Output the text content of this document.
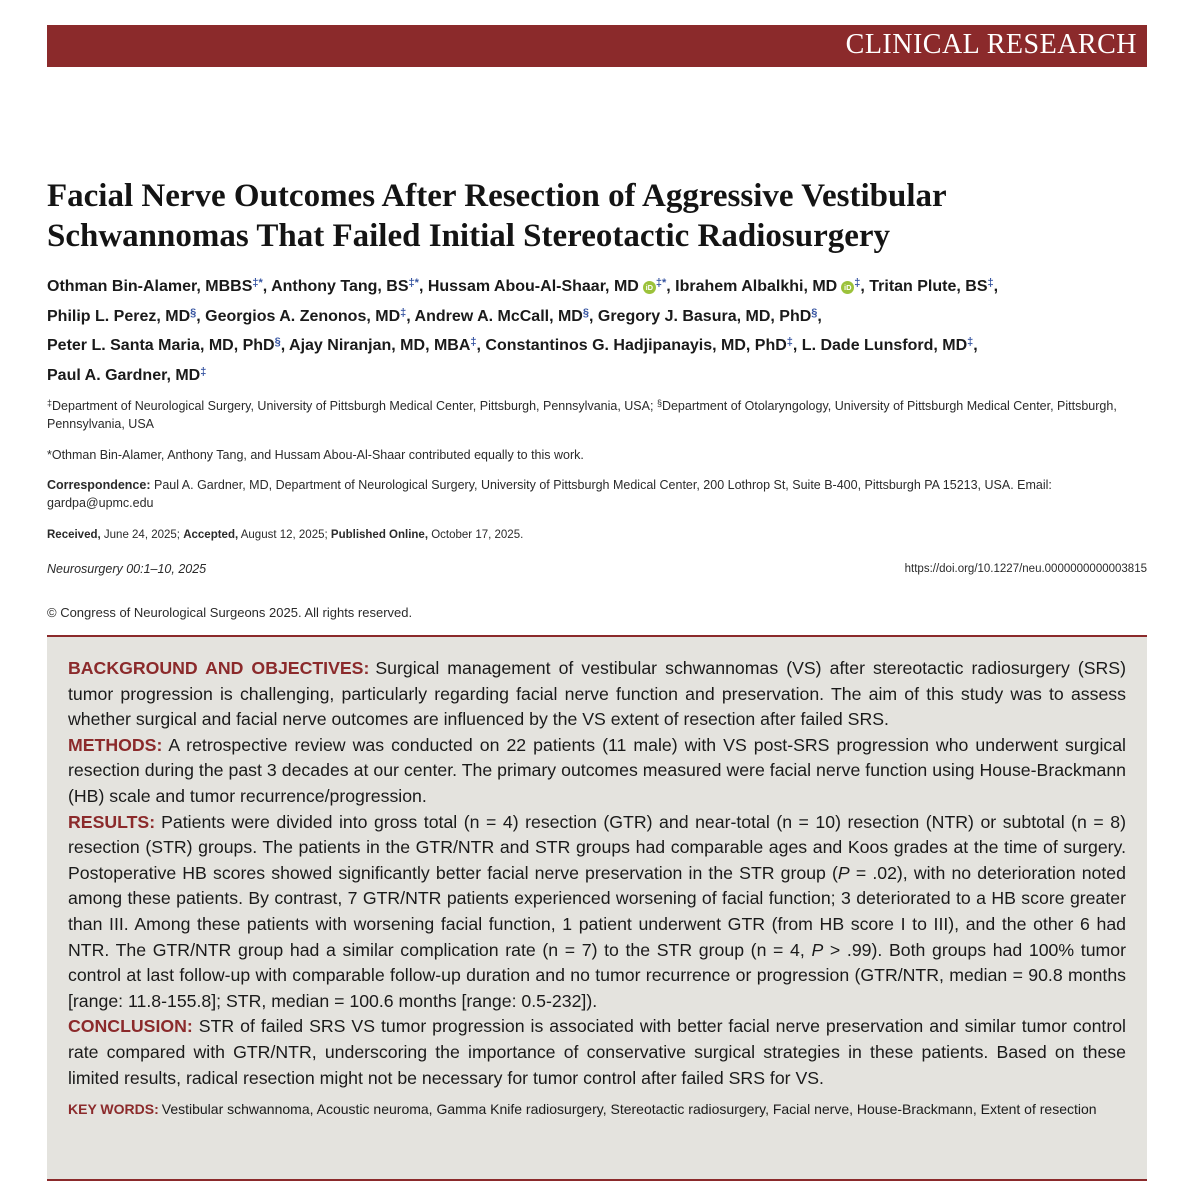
CLINICAL RESEARCH
Facial Nerve Outcomes After Resection of Aggressive Vestibular Schwannomas That Failed Initial Stereotactic Radiosurgery

Othman Bin-Alamer, MBBS‡*, Anthony Tang, BS‡*, Hussam Abou-Al-Shaar, MD iD ‡*, Ibrahem Albalkhi, MD iD ‡, Tritan Plute, BS‡,
Philip L. Perez, MD§, Georgios A. Zenonos, MD‡, Andrew A. McCall, MD§, Gregory J. Basura, MD, PhD§,
Peter L. Santa Maria, MD, PhD§, Ajay Niranjan, MD, MBA‡, Constantinos G. Hadjipanayis, MD, PhD‡, L. Dade Lunsford, MD‡,
Paul A. Gardner, MD‡

‡Department of Neurological Surgery, University of Pittsburgh Medical Center, Pittsburgh, Pennsylvania, USA; §Department of Otolaryngology, University of Pittsburgh Medical Center, Pittsburgh, Pennsylvania, USA

*Othman Bin-Alamer, Anthony Tang, and Hussam Abou-Al-Shaar contributed equally to this work.

Correspondence: Paul A. Gardner, MD, Department of Neurological Surgery, University of Pittsburgh Medical Center, 200 Lothrop St, Suite B-400, Pittsburgh PA 15213, USA. Email: gardpa@upmc.edu

Received, June 24, 2025; Accepted, August 12, 2025; Published Online, October 17, 2025.

Neurosurgery 00:1–10, 2025	https://doi.org/10.1227/neu.0000000000003815
© Congress of Neurological Surgeons 2025. All rights reserved.

BACKGROUND AND OBJECTIVES: Surgical management of vestibular schwannomas (VS) after stereotactic radiosurgery (SRS) tumor progression is challenging, particularly regarding facial nerve function and preservation. The aim of this study was to assess whether surgical and facial nerve outcomes are influenced by the VS extent of resection after failed SRS.

METHODS: A retrospective review was conducted on 22 patients (11 male) with VS post-SRS progression who underwent surgical resection during the past 3 decades at our center. The primary outcomes measured were facial nerve function using House-Brackmann (HB) scale and tumor recurrence/progression.

RESULTS: Patients were divided into gross total (n = 4) resection (GTR) and near-total (n = 10) resection (NTR) or subtotal (n = 8) resection (STR) groups. The patients in the GTR/NTR and STR groups had comparable ages and Koos grades at the time of surgery. Postoperative HB scores showed significantly better facial nerve preservation in the STR group (P = .02), with no deterioration noted among these patients. By contrast, 7 GTR/NTR patients experienced worsening of facial function; 3 deteriorated to a HB score greater than III. Among these patients with worsening facial function, 1 patient underwent GTR (from HB score I to III), and the other 6 had NTR. The GTR/NTR group had a similar complication rate (n = 7) to the STR group (n = 4, P > .99). Both groups had 100% tumor control at last follow-up with comparable follow-up duration and no tumor recurrence or progression (GTR/NTR, median = 90.8 months [range: 11.8-155.8]; STR, median = 100.6 months [range: 0.5-232]).

CONCLUSION: STR of failed SRS VS tumor progression is associated with better facial nerve preservation and similar tumor control rate compared with GTR/NTR, underscoring the importance of conservative surgical strategies in these patients. Based on these limited results, radical resection might not be necessary for tumor control after failed SRS for VS.

KEY WORDS: Vestibular schwannoma, Acoustic neuroma, Gamma Knife radiosurgery, Stereotactic radiosurgery, Facial nerve, House-Brackmann, Extent of resection
